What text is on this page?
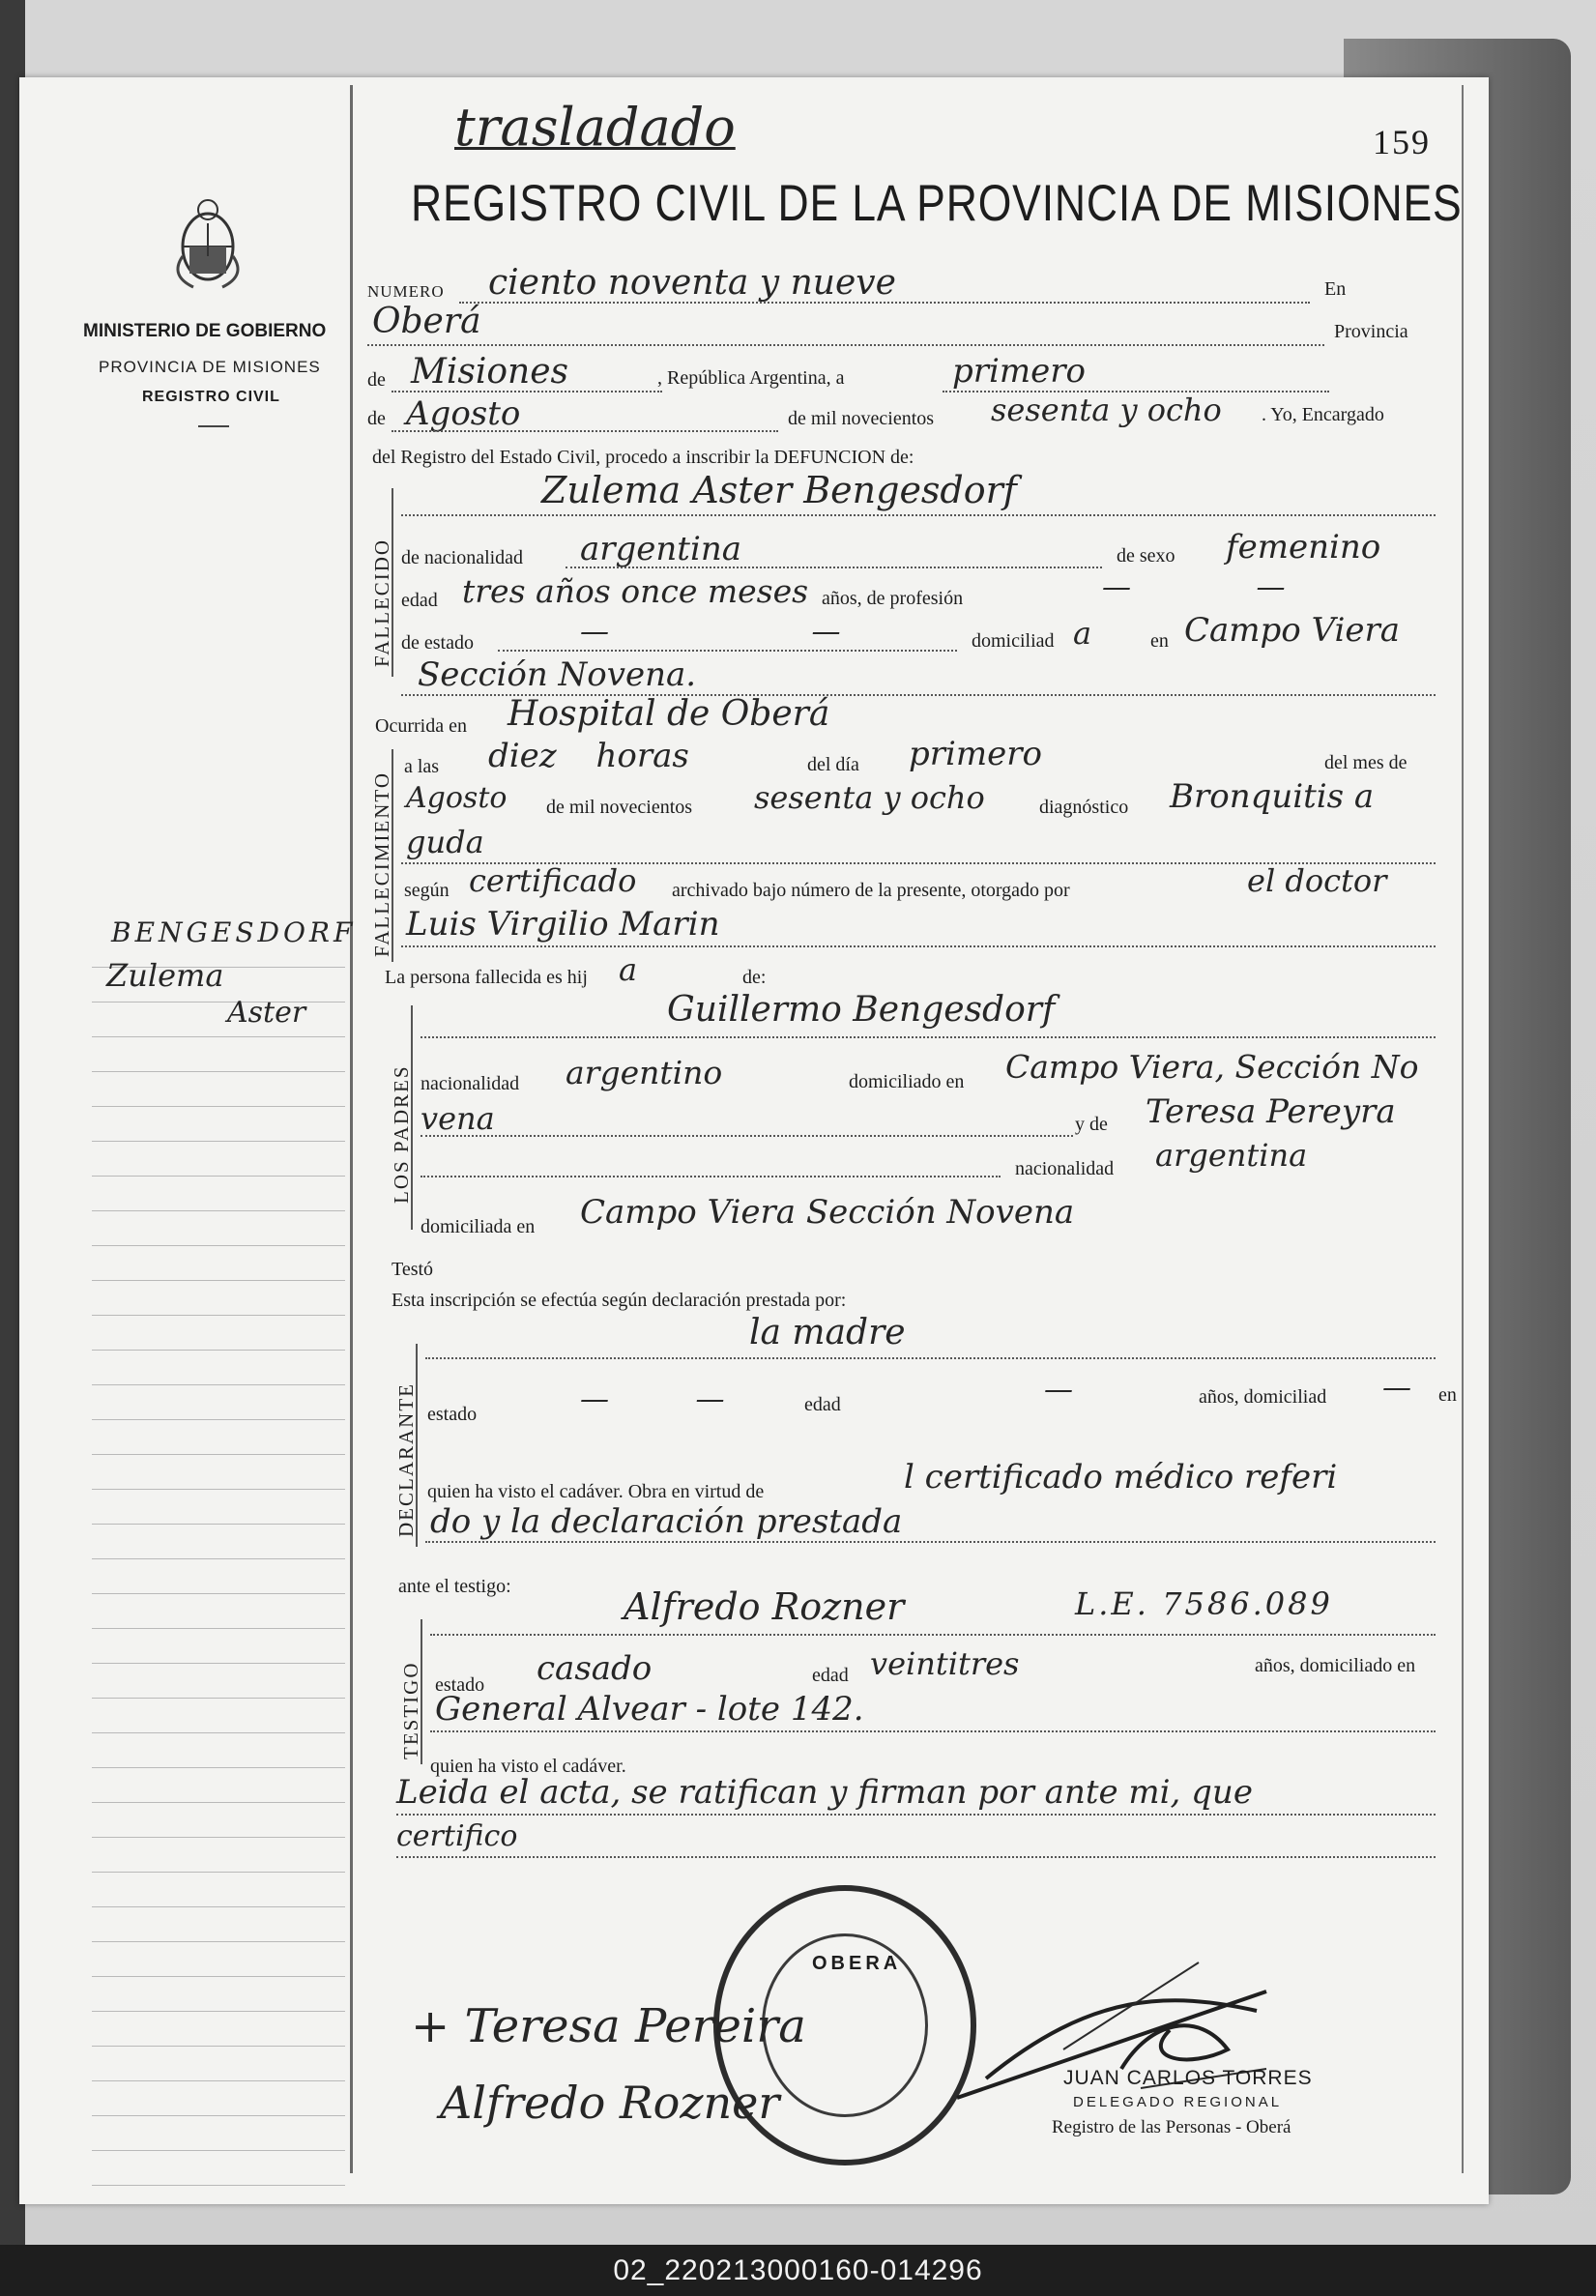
trasladado	159
REGISTRO CIVIL DE LA PROVINCIA DE MISIONES
MINISTERIO DE GOBIERNO
PROVINCIA DE MISIONES
REGISTRO CIVIL
BENGESDORF
Zulema
Aster
NUMERO ciento noventa y nueve	En
Oberá	Provincia
de Misiones	, República Argentina, a	primero
de Agosto	de mil novecientos sesenta y ocho . Yo, Encargado
del Registro del Estado Civil, procedo a inscribir la DEFUNCION de:
FALLECIDO
Zulema Aster Bengesdorf
de nacionalidad argentina	de sexo femenino
edad tres años once meses años, de profesión	— —
de estado	— — domiciliad a	en Campo Viera
Sección Novena.
Ocurrida en Hospital de Oberá
FALLECIMIENTO
a las diez horas	del día primero	del mes de
Agosto de mil novecientos sesenta y ocho	diagnóstico Bronquitis a
guda
según certificado archivado bajo número de la presente, otorgado por	el doctor
Luis Virgilio Marin
La persona fallecida es hij a	de:
LOS PADRES
Guillermo Bengesdorf
nacionalidad argentino	domiciliado en Campo Viera, Sección No
vena	y de Teresa Pereyra
nacionalidad argentina
domiciliada en Campo Viera Sección Novena
Testó
Esta inscripción se efectúa según declaración prestada por:
DECLARANTE
la madre
estado	— — edad	—	años, domiciliad — en
quien ha visto el cadáver. Obra en virtud de	l certificado médico referi
do y la declaración prestada
ante el testigo:
TESTIGO
Alfredo Rozner	L.E. 7586.089
estado casado	edad veintitres	años, domiciliado en
General Alvear - lote 142.
quien ha visto el cadáver.
Leida el acta, se ratifican y firman por ante mi, que
certifico
OBERA
+ Teresa Pereira
Alfredo Rozner	JUAN CARLOS TORRES
DELEGADO REGIONAL
Registro de las Personas - Oberá
02_220213000160-014296
